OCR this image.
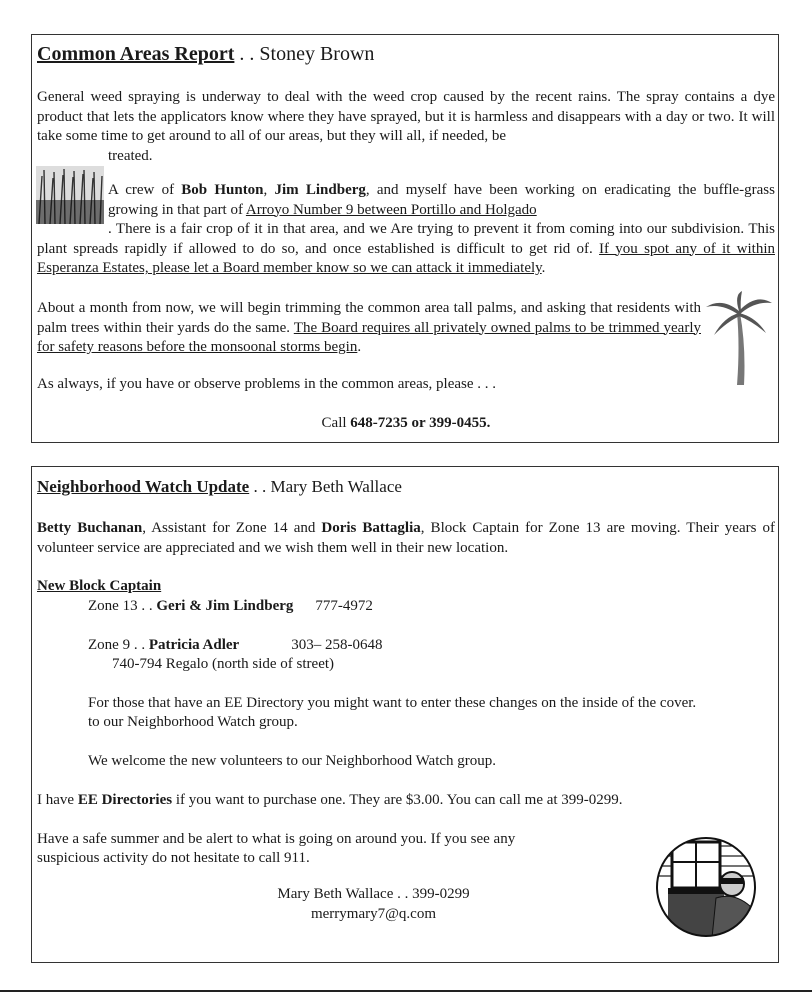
Common Areas Report . . Stoney Brown
General weed spraying is underway to deal with the weed crop caused by the recent rains. The spray contains a dye product that lets the applicators know where they have sprayed, but it is harmless and disappears with a day or two. It will take some time to get around to all of our areas, but they will all, if needed, be
treated.
A crew of Bob Hunton, Jim Lindberg, and myself have been working on eradicating the buffle-grass growing in that part of Arroyo Number 9 between Portillo and Holgado
. There is a fair crop of it in that area, and we Are trying to prevent it from coming into our subdivision. This plant spreads rapidly if allowed to do so, and once established is difficult to get rid of. If you spot any of it within Esperanza Estates, please let a Board member know so we can attack it immediately.
About a month from now, we will begin trimming the common area tall palms, and asking that residents with palm trees within their yards do the same. The Board requires all privately owned palms to be trimmed yearly for safety reasons before the monsoonal storms begin.
As always, if you have or observe problems in the common areas, please . . .
Call 648-7235 or 399-0455.
Neighborhood Watch Update . . Mary Beth Wallace
Betty Buchanan, Assistant for Zone 14 and Doris Battaglia, Block Captain for Zone 13 are moving. Their years of volunteer service are appreciated and we wish them well in their new location.
New Block Captain
Zone 13 . . Geri & Jim Lindberg 777-4972
Zone 9 . . Patricia Adler	303– 258-0648
740-794 Regalo (north side of street)
For those that have an EE Directory you might want to enter these changes on the inside of the cover.
to our Neighborhood Watch group.
We welcome the new volunteers to our Neighborhood Watch group.
I have EE Directories if you want to purchase one. They are $3.00. You can call me at 399-0299.
Have a safe summer and be alert to what is going on around you. If you see any
suspicious activity do not hesitate to call 911.
Mary Beth Wallace . . 399-0299
merrymary7@q.com
